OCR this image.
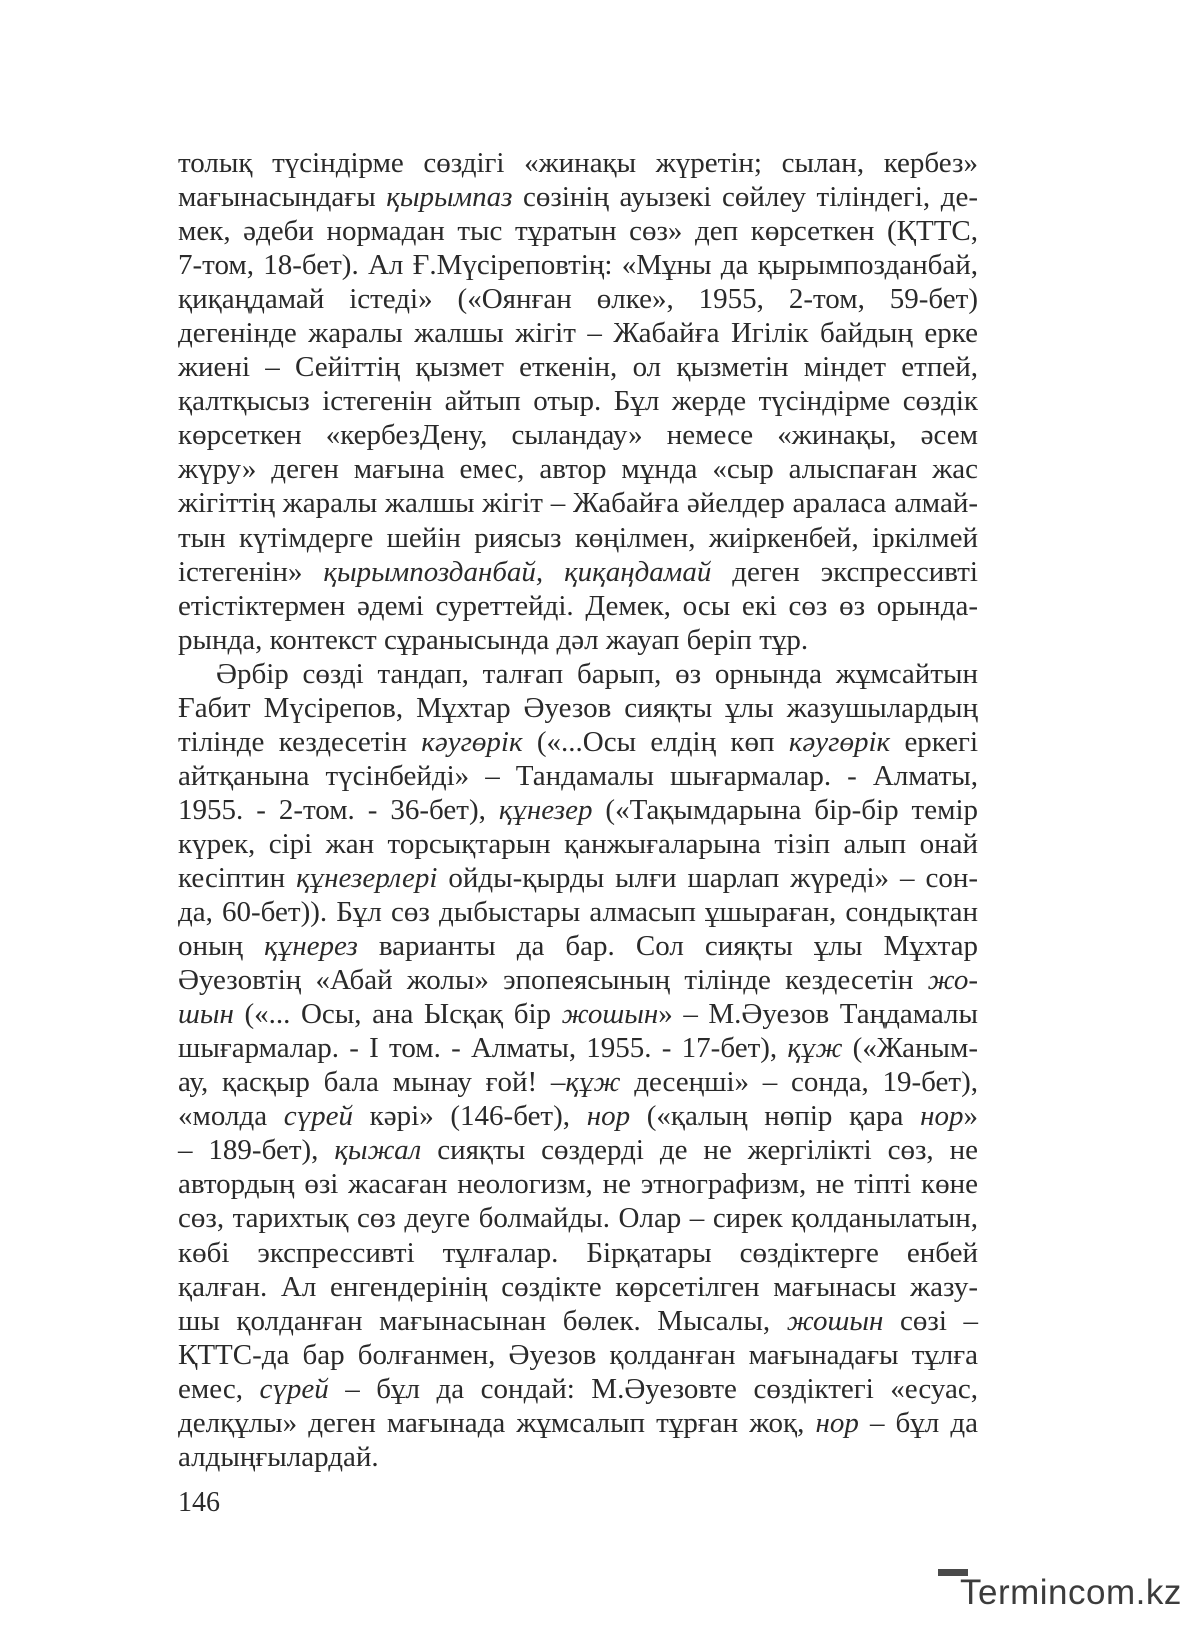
толық түсіндірме сөздігі «жинақы жүретін; сылан, кербез»
мағынасындағы қырымпаз сөзінің ауызекі сөйлеу тіліндегі, де-
мек, әдеби нормадан тыс тұратын сөз» деп көрсеткен (ҚТТС,
7-том, 18-бет). Ал Ғ.Мүсіреповтің: «Мұны да қырымпозданбай,
қиқаңдамай істеді» («Оянған өлке», 1955, 2-том, 59-бет)
дегенінде жаралы жалшы жігіт – Жабайға Игілік байдың ерке
жиені – Сейіттің қызмет еткенін, ол қызметін міндет етпей,
қалтқысыз істегенін айтып отыр. Бұл жерде түсіндірме сөздік
көрсеткен «кербезДену, сыландау» немесе «жинақы, әсем
жүру» деген мағына емес, автор мұнда «сыр алыспаған жас
жігіттің жаралы жалшы жігіт – Жабайға әйелдер араласа алмай-
тын күтімдерге шейін риясыз көңілмен, жиіркенбей, іркілмей
істегенін» қырымпозданбай, қиқаңдамай деген экспрессивті
етістіктермен әдемі суреттейді. Демек, осы екі сөз өз орында-
рында, контекст сұранысында дәл жауап беріп тұр.
Әрбір сөзді тандап, талғап барып, өз орнында жұмсайтын
Ғабит Мүсірепов, Мұхтар Әуезов сияқты ұлы жазушылардың
тілінде кездесетін кәугөрік («...Осы елдің көп кәугөрік еркегі
айтқанына түсінбейді» – Тандамалы шығармалар. - Алматы,
1955. - 2-том. - 36-бет), құнезер («Тақымдарына бір-бір темір
күрек, сірі жан торсықтарын қанжығаларына тізіп алып онай
кесіптин құнезерлері ойды-қырды ылғи шарлап жүреді» – сон-
да, 60-бет)). Бұл сөз дыбыстары алмасып ұшыраған, сондықтан
оның құнерез варианты да бар. Сол сияқты ұлы Мұхтар
Әуезовтің «Абай жолы» эпопеясының тілінде кездесетін жо-
шын («... Осы, ана Ысқақ бір жошын» – М.Әуезов Таңдамалы
шығармалар. - І том. - Алматы, 1955. - 17-бет), құж («Жаным-
ау, қасқыр бала мынау ғой! –құж десеңші» – сонда, 19-бет),
«молда сүрей кәрі» (146-бет), нор («қалың нөпір қара нор»
– 189-бет), қыжал сияқты сөздерді де не жергілікті сөз, не
автордың өзі жасаған неологизм, не этнографизм, не тіпті көне
сөз, тарихтық сөз деуге болмайды. Олар – сирек қолданылатын,
көбі экспрессивті тұлғалар. Бірқатары сөздіктерге енбей
қалған. Ал енгендерінің сөздікте көрсетілген мағынасы жазу-
шы қолданған мағынасынан бөлек. Мысалы, жошын сөзі –
ҚТТС-да бар болғанмен, Әуезов қолданған мағынадағы тұлға
емес, сүрей – бұл да сондай: М.Әуезовте сөздіктегі «есуас,
делқұлы» деген мағынада жұмсалып тұрған жоқ, нор – бұл да
алдыңғылардай.
146
Termincom.kz
